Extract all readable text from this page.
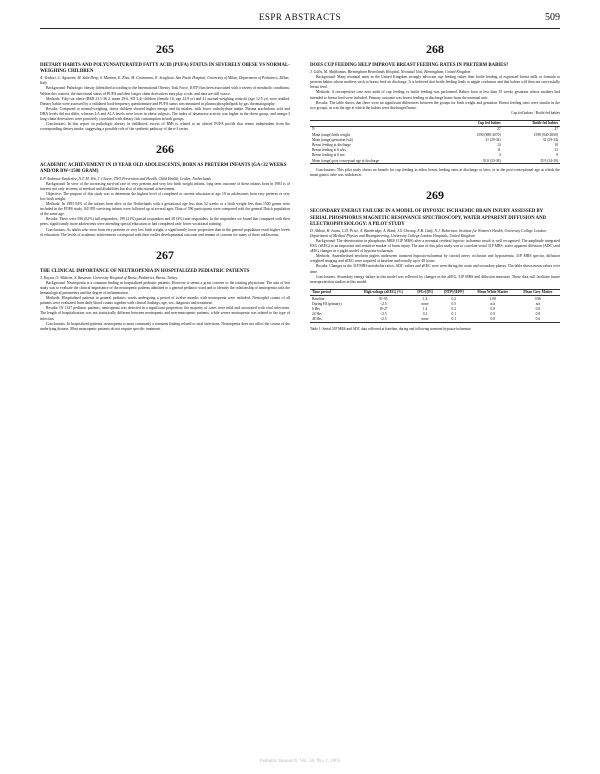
ESPR ABSTRACTS	509
265
DIETARY HABITS AND POLYUNSATURATED FATTY ACID (PUFA) STATUS IN SEVERELY OBESE VS NORMAL-WEIGHING CHILDREN
A. Verduci, C. Agostoni, M. Sala-Diop, S. Mariani, E. Riva, M. Giovannini, E. Scaglioni. San Paolo Hospital, University of Milan, Department of Pediatrics, Milan, Italy

Background: Pathologic obesity (identified according to the International Obesity Task Force, IOTF) has been associated with a variety of metabolic conditions. Within this context, the nutritional status of PUFA and their longer chain derivatives may play a role, and data are still scarce.

Methods: Fifty-six obese (BMI 23.1-36.2, mean 29.6, SD 3.4) children (female 16, age 12.9 yr) and 41 normal-weighing controls (age 12.5 yr) were studied. Dietary habits were assessed by a validated food-frequency questionnaire and PUFA status was measured in plasma phospholipids by gas chromatography.

Results: Compared to normal-weighing, obese children showed higher energy and fat intakes, with lower carbohydrate intake. Plasma arachidonic acid and DHA levels did not differ, whereas LA and ALA levels were lower in obese subjects. The index of desaturase activity was higher in the obese group, and omega-3 long-chain derivatives were positively correlated with dietary fish consumption in both groups.

Conclusions: In this report on pathologic obesity in childhood, excess of BMI is related to an altered PUFA profile that seems independent from the corresponding dietary intake, suggesting a possible role of the synthetic pathway of the n-3 series.

266
ACADEMIC ACHIEVEMENT IN 19 YEAR OLD ADOLESCENTS, BORN AS PRETERM INFANTS (GA<32 WEEKS AND/OR BW<1500 GRAM)
E.P. Ambrose-Vanderlee, A.T. M. Wit, J. Gloeve. TNO Prevention and Health, Child Health, Leiden, Netherlands

Background: In view of the increasing survival rate of very preterm and very low birth weight infants, long term outcome of these infants born in 1983 is of interest not only in terms of medical and disabilities but also of educational achievement.

Objective: The purpose of this study was to determine the highest level of completed or current education at age 19 in adolescents born very preterm or very low birth weight.

Methods: In 1983 94% of the infants born alive in the Netherlands with a gestational age less than 32 weeks or a birth weight less than 1500 grams were included in the POPS study. All 959 surviving infants were followed up at several ages. Data of 596 participants were compared with the general Dutch population of the same age.

Results: There were 596 (62%) full responders, 199 (21%) partial responders and 28 (3%) non-responders. In the responders we found that compared with their peers, significantly more adolescents were attending special education or had completed only lower vocational training.

Conclusions: As adults who were born very preterm or very low birth weight, a significantly lower proportion than in the general population reach higher levels of education. The levels of academic achievement correspond with their earlier developmental outcome and remain of concern for many of these adolescents.

267
THE CLINICAL IMPORTANCE OF NEUTROPENIA IN HOSPITALIZED PEDIATRIC PATIENTS
T. Koyun, O. Yildirim, S. Basaran. University Hospital of Bursa, Pediatrics, Bursa, Turkey

Background: Neutropenia is a common finding in hospitalized pediatric patients. However it seems a great concern to the treating physicians. The aim of this study was to evaluate the clinical importance of the neutropenic patients admitted to a general pediatric ward and to identify the relationship of neutropenia with the hematological parameters and the degree of inflammation.

Methods: Hospitalized patients in general pediatric wards undergoing a period of twelve months with neutropenia were included. Neutrophil counts of all patients were evaluated from daily blood counts together with clinical findings, age, sex, diagnosis and treatment.

Results: Of 1347 pediatric patients, neutropenia was detected in a significant proportion; the majority of cases were mild and associated with viral infections. The length of hospitalization was not statistically different between neutropenic and non-neutropenic patients, while severe neutropenia was related to the type of infection.

Conclusions: In hospitalized patients, neutropenia is most commonly a transient finding related to viral infections. Neutropenia does not affect the course of the underlying disease. Most neutropenic patients do not require specific treatment.

268
DOES CUP FEEDING HELP IMPROVE BREAST FEEDING RATES IN PRETERM BABIES?
J. Gillis, M. Maftkomas. Birmingham Heartlands Hospital, Neonatal Unit, Birmingham, United Kingdom

Background: Many neonatal units in the United Kingdom strongly advocate cup feeding rather than bottle feeding of expressed breast milk or formula to preterm babies whose mothers wish to breast feed on discharge. It is believed that bottle feeding leads to nipple confusion and that babies will then not successfully breast feed.

Methods: A retrospective case note audit of cup feeding vs bottle feeding was performed. Babies born at less than 35 weeks gestation whose mothers had intended to breast feed were included. Primary outcome was breast feeding at discharge home from the neonatal unit.

Results: The table shows that there were no significant differences between the groups for birth weight and gestation. Breast feeding rates were similar in the two groups, as was the age at which the babies were discharged home.

Cup fed babies / Bottle fed babies
	Cup fed babies	Bottle fed babies
N	27	27
Mean (range) birth weight	1590 (880-2070)	1598 (940-2000)
Mean (range) gestation (wk)	31 (29-34)	32 (29-34)
Breast feeding at discharge	14	10
Breast feeding at 6 wks	11	12
Breast feeding at 6 mo	4	8
Mean (range) post-conceptual age at discharge	35.8 (33-38)	35.9 (34-39)

Conclusions: This pilot study shows no benefit for cup feeding in either breast feeding rates at discharge or later, or in the post-conceptional age at which the mean gastric tube was withdrawn.

269
SECONDARY ENERGY FAILURE IN A MODEL OF HYPOXIC ISCHAEMIC BRAIN INJURY ASSESSED BY SERIAL PHOSPHORUS MAGNETIC RESONANCE SPECTROSCOPY, WATER APPARENT DIFFUSION AND ELECTROPHYSIOLOGY: A PILOT STUDY
D. Abbott, H. Iwata, C.D. Price, A. Bainbridge, A. Bond, J.S. Cheong, E.B. Cady, N.J. Robertson. Institute for Women's Health, University College London; Department of Medical Physics and Bioengineering, University College London Hospitals, United Kingdom

Background: The deterioration in phosphorus MRS (31P MRS) after a neonatal cerebral hypoxic ischaemic insult is well recognised. The amplitude integrated EEG (aEEG) is an important and sensitive marker of brain injury. The aim of this pilot study was to correlate serial 31P MRS, water apparent diffusion (ADC) and aEEG changes in a piglet model of hypoxia-ischaemia.

Methods: Anaesthetised newborn piglets underwent transient hypoxia-ischaemia by carotid artery occlusion and hypoxaemia. 31P MRS spectra, diffusion weighted imaging and aEEG were acquired at baseline and serially up to 48 hours.

Results: Changes in the 31P MRS metabolite ratios, ADC values and aEEG were seen during the acute and secondary phases. The table shows mean values over time.

Conclusions: Secondary energy failure in this model was reflected by changes in the aEEG, 31P MRS and diffusion measures. These data will facilitate future neuroprotection studies in this model.

Time period	High voltage (aEEG) (%)	[PCr]/[Pi]	[NTP]/[EPP]	Mean White Matter	Mean Grey Matter
Baseline	91-95	1.4	0.2	1.08	0.96
During HI (primary)	<2.5	none	0.5	n/a	n/a
6 Hrs	19-27	1.4	0.2	0.8	0.8
24 Hrs	<2.5	0.3	0.1	0.9	0.8
48 Hrs	<2.5	none	0.1	0.8	0.6
Table 1: Serial 31P MRS and ADC data collected at baseline, during and following transient hypoxia-ischaemia.
Pediatric Research, Vol. 58, No. 2, 2005
